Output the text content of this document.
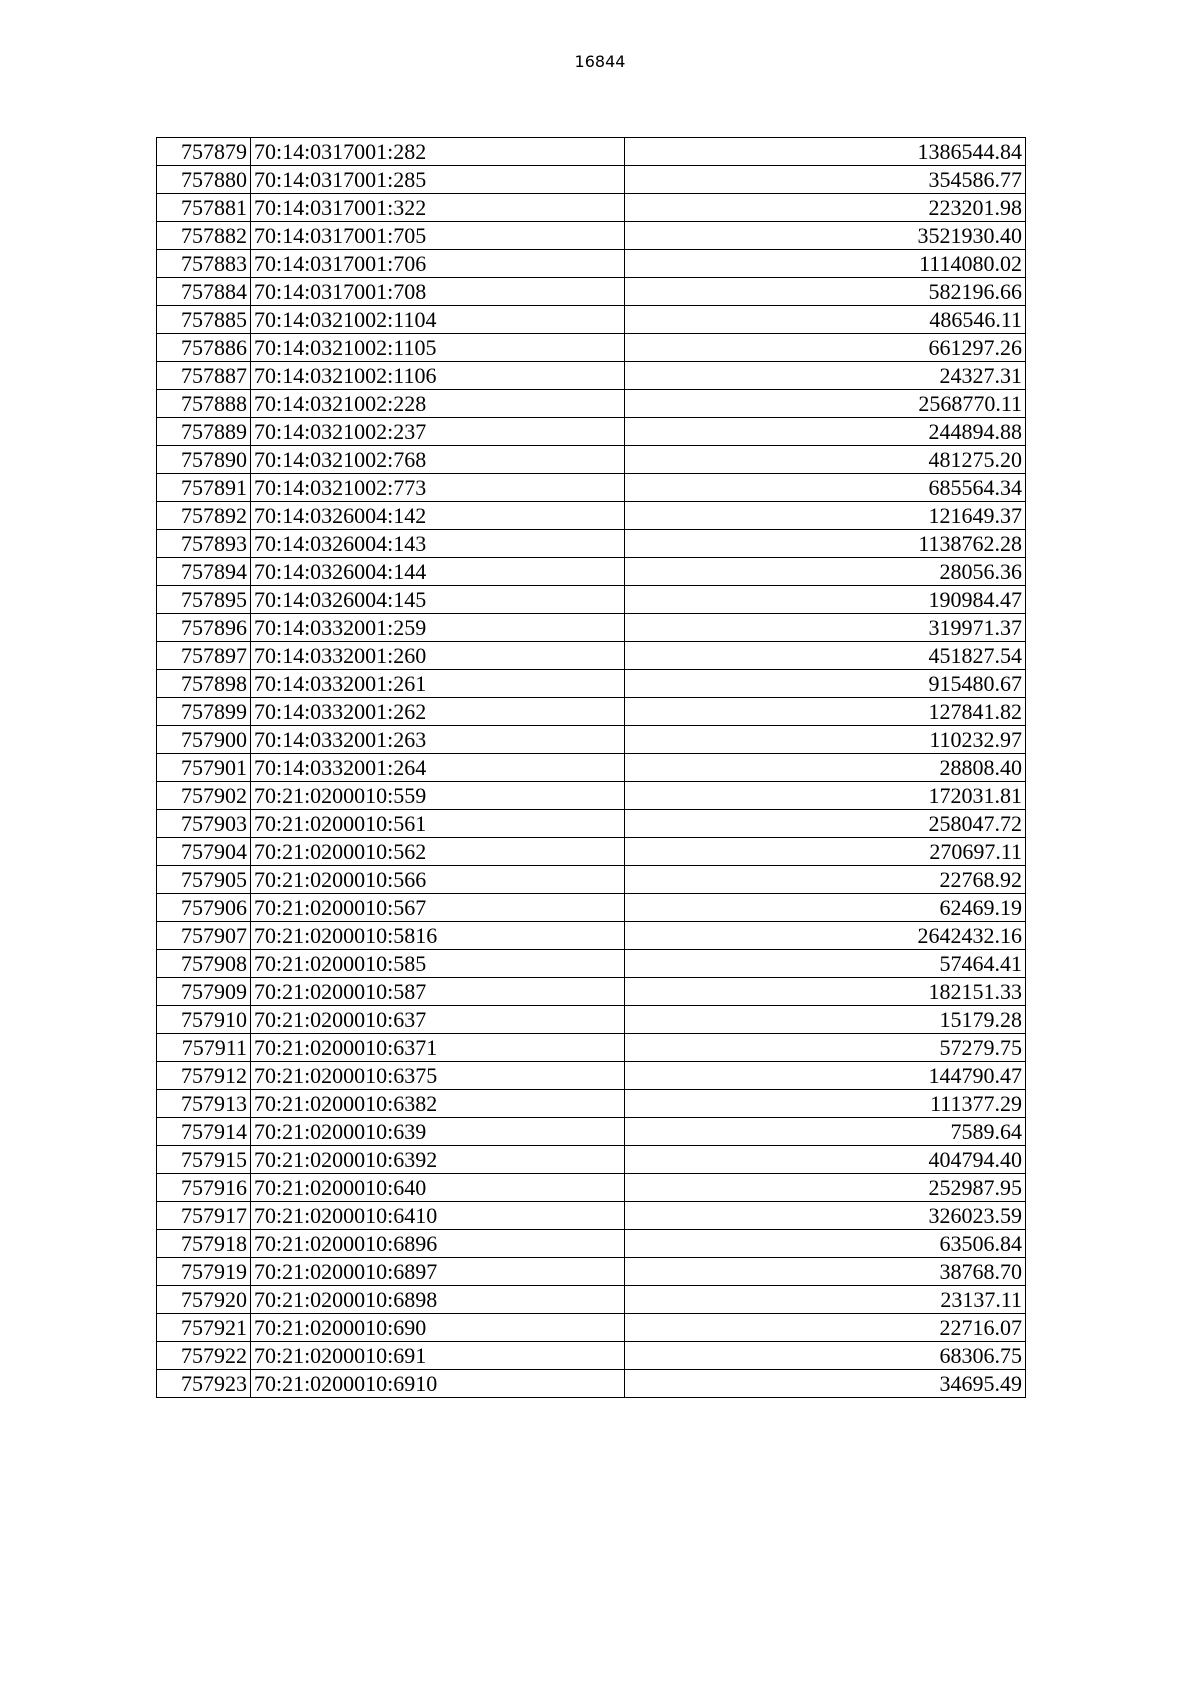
16844
757879	70:14:0317001:282	1386544.84
757880	70:14:0317001:285	354586.77
757881	70:14:0317001:322	223201.98
757882	70:14:0317001:705	3521930.40
757883	70:14:0317001:706	1114080.02
757884	70:14:0317001:708	582196.66
757885	70:14:0321002:1104	486546.11
757886	70:14:0321002:1105	661297.26
757887	70:14:0321002:1106	24327.31
757888	70:14:0321002:228	2568770.11
757889	70:14:0321002:237	244894.88
757890	70:14:0321002:768	481275.20
757891	70:14:0321002:773	685564.34
757892	70:14:0326004:142	121649.37
757893	70:14:0326004:143	1138762.28
757894	70:14:0326004:144	28056.36
757895	70:14:0326004:145	190984.47
757896	70:14:0332001:259	319971.37
757897	70:14:0332001:260	451827.54
757898	70:14:0332001:261	915480.67
757899	70:14:0332001:262	127841.82
757900	70:14:0332001:263	110232.97
757901	70:14:0332001:264	28808.40
757902	70:21:0200010:559	172031.81
757903	70:21:0200010:561	258047.72
757904	70:21:0200010:562	270697.11
757905	70:21:0200010:566	22768.92
757906	70:21:0200010:567	62469.19
757907	70:21:0200010:5816	2642432.16
757908	70:21:0200010:585	57464.41
757909	70:21:0200010:587	182151.33
757910	70:21:0200010:637	15179.28
757911	70:21:0200010:6371	57279.75
757912	70:21:0200010:6375	144790.47
757913	70:21:0200010:6382	111377.29
757914	70:21:0200010:639	7589.64
757915	70:21:0200010:6392	404794.40
757916	70:21:0200010:640	252987.95
757917	70:21:0200010:6410	326023.59
757918	70:21:0200010:6896	63506.84
757919	70:21:0200010:6897	38768.70
757920	70:21:0200010:6898	23137.11
757921	70:21:0200010:690	22716.07
757922	70:21:0200010:691	68306.75
757923	70:21:0200010:6910	34695.49
